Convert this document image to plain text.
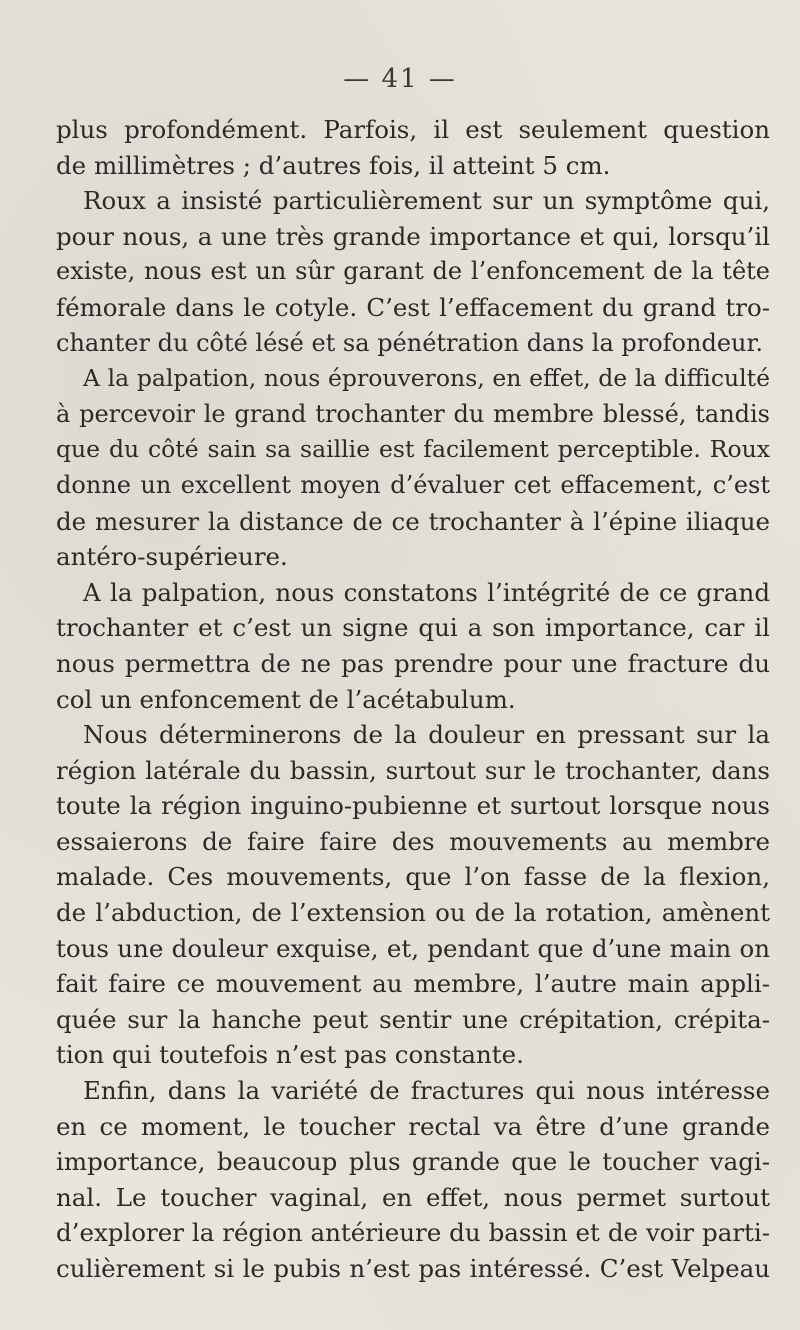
— 41 —
plus profondément. Parfois, il est seulement question
de millimètres ; d’autres fois, il atteint 5 cm.
Roux a insisté particulièrement sur un symptôme qui,
pour nous, a une très grande importance et qui, lorsqu’il
existe, nous est un sûr garant de l’enfoncement de la tête
fémorale dans le cotyle. C’est l’effacement du grand tro-
chanter du côté lésé et sa pénétration dans la profondeur.
A la palpation, nous éprouverons, en effet, de la difficulté
à percevoir le grand trochanter du membre blessé, tandis
que du côté sain sa saillie est facilement perceptible. Roux
donne un excellent moyen d’évaluer cet effacement, c’est
de mesurer la distance de ce trochanter à l’épine iliaque
antéro-supérieure.
A la palpation, nous constatons l’intégrité de ce grand
trochanter et c’est un signe qui a son importance, car il
nous permettra de ne pas prendre pour une fracture du
col un enfoncement de l’acétabulum.
Nous déterminerons de la douleur en pressant sur la
région latérale du bassin, surtout sur le trochanter, dans
toute la région inguino-pubienne et surtout lorsque nous
essaierons de faire faire des mouvements au membre
malade. Ces mouvements, que l’on fasse de la flexion,
de l’abduction, de l’extension ou de la rotation, amènent
tous une douleur exquise, et, pendant que d’une main on
fait faire ce mouvement au membre, l’autre main appli-
quée sur la hanche peut sentir une crépitation, crépita-
tion qui toutefois n’est pas constante.
Enfin, dans la variété de fractures qui nous intéresse
en ce moment, le toucher rectal va être d’une grande
importance, beaucoup plus grande que le toucher vagi-
nal. Le toucher vaginal, en effet, nous permet surtout
d’explorer la région antérieure du bassin et de voir parti-
culièrement si le pubis n’est pas intéressé. C’est Velpeau
